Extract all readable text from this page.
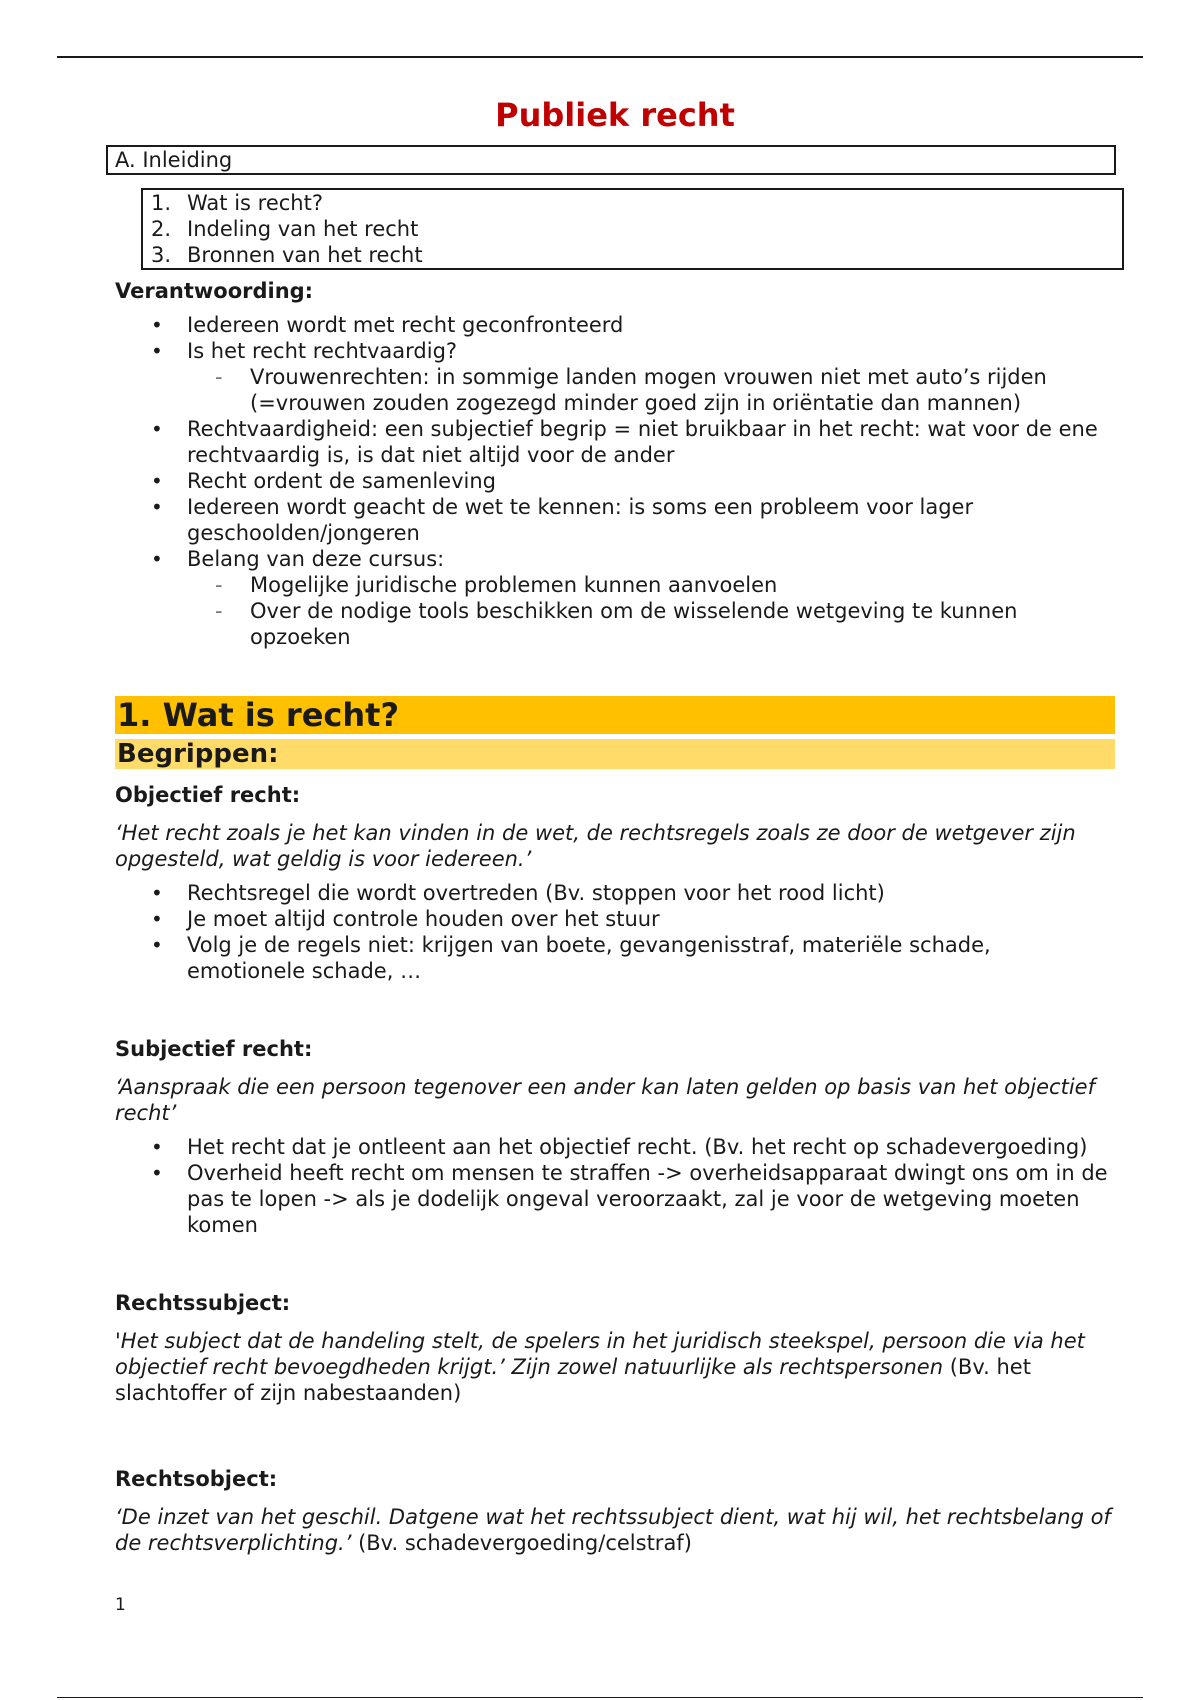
Publiek recht
A. Inleiding
1. Wat is recht?
2. Indeling van het recht
3. Bronnen van het recht
Verantwoording:
• Iedereen wordt met recht geconfronteerd
• Is het recht rechtvaardig?
- Vrouwenrechten: in sommige landen mogen vrouwen niet met auto’s rijden (=vrouwen zouden zogezegd minder goed zijn in oriëntatie dan mannen)
• Rechtvaardigheid: een subjectief begrip = niet bruikbaar in het recht: wat voor de ene rechtvaardig is, is dat niet altijd voor de ander
• Recht ordent de samenleving
• Iedereen wordt geacht de wet te kennen: is soms een probleem voor lager geschoolden/jongeren
• Belang van deze cursus:
- Mogelijke juridische problemen kunnen aanvoelen
- Over de nodige tools beschikken om de wisselende wetgeving te kunnen opzoeken
1. Wat is recht?
Begrippen:
Objectief recht:
‘Het recht zoals je het kan vinden in de wet, de rechtsregels zoals ze door de wetgever zijn opgesteld, wat geldig is voor iedereen.’
• Rechtsregel die wordt overtreden (Bv. stoppen voor het rood licht)
• Je moet altijd controle houden over het stuur
• Volg je de regels niet: krijgen van boete, gevangenisstraf, materiële schade, emotionele schade, …
Subjectief recht:
‘Aanspraak die een persoon tegenover een ander kan laten gelden op basis van het objectief recht’
• Het recht dat je ontleent aan het objectief recht. (Bv. het recht op schadevergoeding)
• Overheid heeft recht om mensen te straffen -> overheidsapparaat dwingt ons om in de pas te lopen -> als je dodelijk ongeval veroorzaakt, zal je voor de wetgeving moeten komen
Rechtssubject:
'Het subject dat de handeling stelt, de spelers in het juridisch steekspel, persoon die via het objectief recht bevoegdheden krijgt.’ Zijn zowel natuurlijke als rechtspersonen (Bv. het slachtoffer of zijn nabestaanden)
Rechtsobject:
‘De inzet van het geschil. Datgene wat het rechtssubject dient, wat hij wil, het rechtsbelang of de rechtsverplichting.’ (Bv. schadevergoeding/celstraf)
1
